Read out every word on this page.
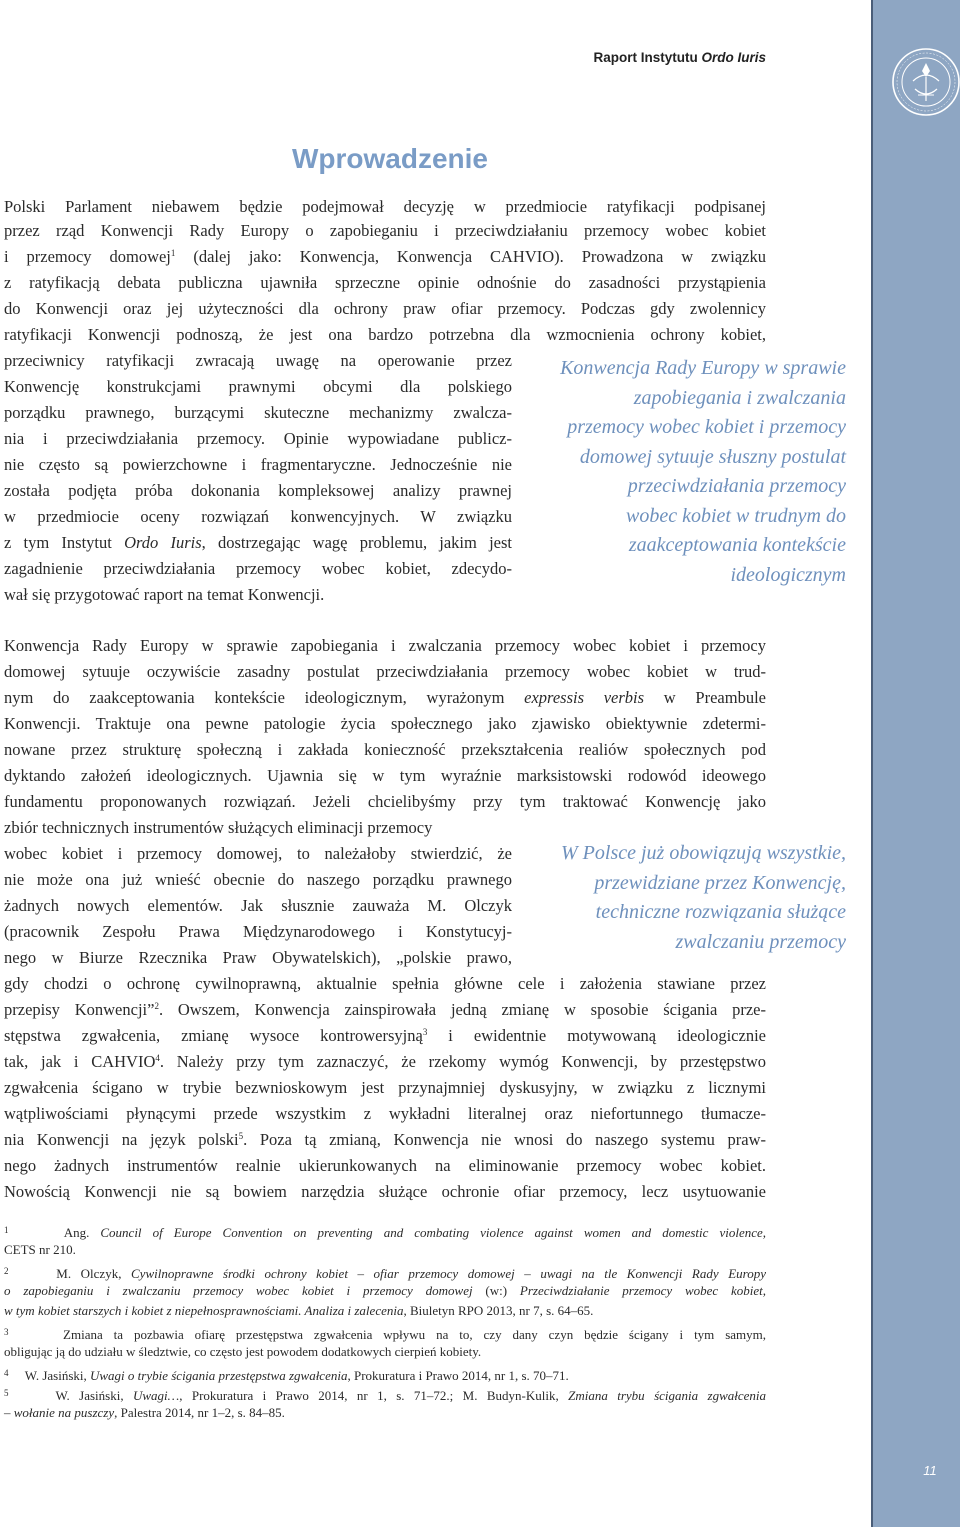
11
Raport Instytutu Ordo Iuris
Wprowadzenie
Polski Parlament niebawem będzie podejmował decyzję w przedmiocie ratyfikacji podpisanej
przez rząd Konwencji Rady Europy o zapobieganiu i przeciwdziałaniu przemocy wobec kobiet
i przemocy domowej$^1$ (dalej jako: Konwencja, Konwencja CAHVIO). Prowadzona w związku
z ratyfikacją debata publiczna ujawniła sprzeczne opinie odnośnie do zasadności przystąpienia
do Konwencji oraz jej użyteczności dla ochrony praw ofiar przemocy. Podczas gdy zwolennicy
ratyfikacji Konwencji podnoszą, że jest ona bardzo potrzebna dla wzmocnienia ochrony kobiet,
przeciwnicy ratyfikacji zwracają uwagę na operowanie przez
Konwencję konstrukcjami prawnymi obcymi dla polskiego
porządku prawnego, burzącymi skuteczne mechanizmy zwalcza-
nia i przeciwdziałania przemocy. Opinie wypowiadane publicz-
nie często są powierzchowne i fragmentaryczne. Jednocześnie nie
została podjęta próba dokonania kompleksowej analizy prawnej
w przedmiocie oceny rozwiązań konwencyjnych. W związku
z tym Instytut Ordo Iuris, dostrzegając wagę problemu, jakim jest
zagadnienie przeciwdziałania przemocy wobec kobiet, zdecydo-
wał się przygotować raport na temat Konwencji.
Konwencja Rady Europy w sprawie zapobiegania i zwalczania przemocy wobec kobiet i przemocy
domowej sytuuje oczywiście zasadny postulat przeciwdziałania przemocy wobec kobiet w trud-
nym do zaakceptowania kontekście ideologicznym, wyrażonym expressis verbis w Preambule
Konwencji. Traktuje ona pewne patologie życia społecznego jako zjawisko obiektywnie zdetermi-
nowane przez strukturę społeczną i zakłada konieczność przekształcenia realiów społecznych pod
dyktando założeń ideologicznych. Ujawnia się w tym wyraźnie marksistowski rodowód ideowego
fundamentu proponowanych rozwiązań. Jeżeli chcielibyśmy przy tym traktować Konwencję jako
zbiór technicznych instrumentów służących eliminacji przemocy
wobec kobiet i przemocy domowej, to należałoby stwierdzić, że
nie może ona już wnieść obecnie do naszego porządku prawnego
żadnych nowych elementów. Jak słusznie zauważa M. Olczyk
(pracownik Zespołu Prawa Międzynarodowego i Konstytucyj-
nego w Biurze Rzecznika Praw Obywatelskich), „polskie prawo,
gdy chodzi o ochronę cywilnoprawną, aktualnie spełnia główne cele i założenia stawiane przez
przepisy Konwencji”$^2$. Owszem, Konwencja zainspirowała jedną zmianę w sposobie ścigania prze-
stępstwa zgwałcenia, zmianę wysoce kontrowersyjną$^3$ i ewidentnie motywowaną ideologicznie
tak, jak i CAHVIO$^4$. Należy przy tym zaznaczyć, że rzekomy wymóg Konwencji, by przestępstwo
zgwałcenia ścigano w trybie bezwnioskowym jest przynajmniej dyskusyjny, w związku z licznymi
wątpliwościami płynącymi przede wszystkim z wykładni literalnej oraz niefortunnego tłumacze-
nia Konwencji na język polski$^5$. Poza tą zmianą, Konwencja nie wnosi do naszego systemu praw-
nego żadnych instrumentów realnie ukierunkowanych na eliminowanie przemocy wobec kobiet.
Nowością Konwencji nie są bowiem narzędzia służące ochronie ofiar przemocy, lecz usytuowanie
Konwencja Rady Europy w sprawie
zapobiegania i zwalczania
przemocy wobec kobiet i przemocy
domowej sytuuje słuszny postulat
przeciwdziałania przemocy
wobec kobiet w trudnym do
zaakceptowania kontekście
ideologicznym
W Polsce już obowiązują wszystkie,
przewidziane przez Konwencję,
techniczne rozwiązania służące
zwalczaniu przemocy
$^1$	Ang. Council of Europe Convention on preventing and combating violence against women and domestic violence,
CETS nr 210.
$^2$	M. Olczyk, Cywilnoprawne środki ochrony kobiet – ofiar przemocy domowej – uwagi na tle Konwencji Rady Europy
o zapobieganiu i zwalczaniu przemocy wobec kobiet i przemocy domowej (w:) Przeciwdziałanie przemocy wobec kobiet,
w tym kobiet starszych i kobiet z niepełnosprawnościami. Analiza i zalecenia, Biuletyn RPO 2013, nr 7, s. 64–65.
$^3$	Zmiana ta pozbawia ofiarę przestępstwa zgwałcenia wpływu na to, czy dany czyn będzie ścigany i tym samym,
obligując ją do udziału w śledztwie, co często jest powodem dodatkowych cierpień kobiety.
$^4$ W. Jasiński, Uwagi o trybie ścigania przestępstwa zgwałcenia, Prokuratura i Prawo 2014, nr 1, s. 70–71.
$^5$	W. Jasiński, Uwagi…, Prokuratura i Prawo 2014, nr 1, s. 71–72.; M. Budyn-Kulik, Zmiana trybu ścigania zgwałcenia
– wołanie na puszczy, Palestra 2014, nr 1–2, s. 84–85.
